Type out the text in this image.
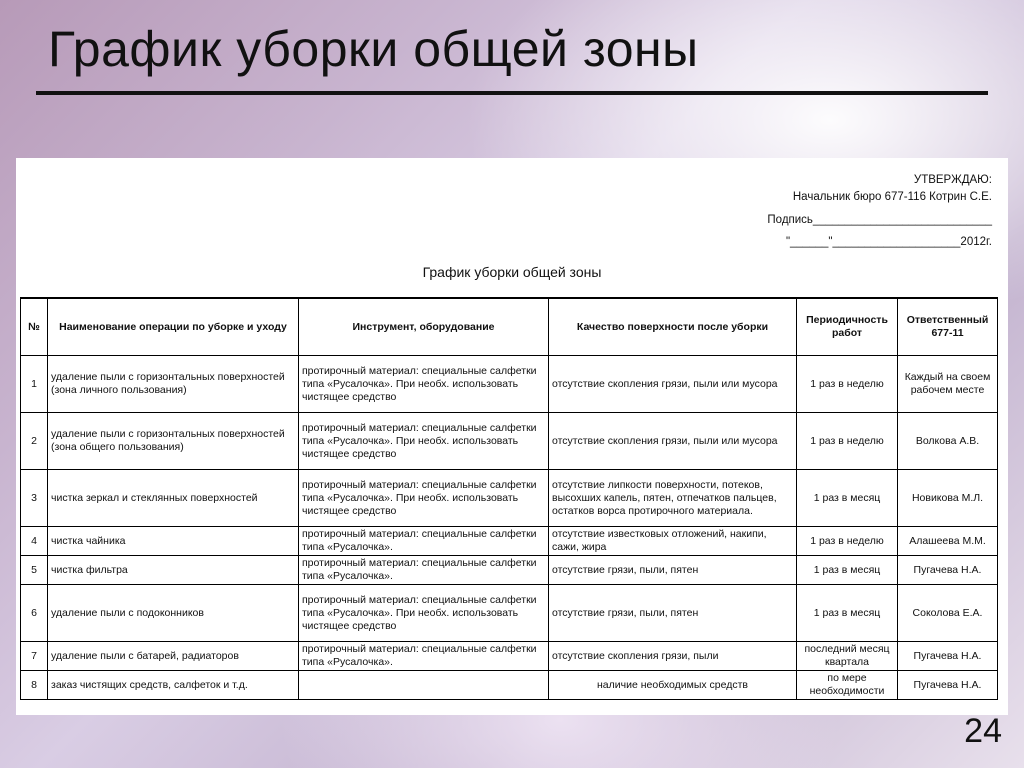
График уборки общей зоны
УТВЕРЖДАЮ:
Начальник бюро 677-116 Котрин С.Е.
Подпись____________________________
"______"____________________2012г.
График уборки общей зоны
№	Наименование операции по уборке и уходу	Инструмент, оборудование	Качество поверхности после уборки	Периодичность работ	Ответственный 677-11
1	удаление пыли с горизонтальных поверхностей (зона личного пользования)	протирочный материал: специальные салфетки типа «Русалочка». При необх. использовать чистящее средство	отсутствие скопления грязи, пыли или мусора	1 раз в неделю	Каждый на своем рабочем месте
2	удаление пыли с горизонтальных поверхностей (зона общего пользования)	протирочный материал: специальные салфетки типа «Русалочка». При необх. использовать чистящее средство	отсутствие скопления грязи, пыли или мусора	1 раз в неделю	Волкова А.В.
3	чистка зеркал и стеклянных поверхностей	протирочный материал: специальные салфетки типа «Русалочка». При необх. использовать чистящее средство	отсутствие липкости поверхности, потеков, высохших капель, пятен, отпечатков пальцев, остатков ворса протирочного материала.	1 раз в месяц	Новикова М.Л.
4	чистка чайника	протирочный материал: специальные салфетки типа «Русалочка».	отсутствие известковых отложений, накипи, сажи, жира	1 раз в неделю	Алашеева М.М.
5	чистка фильтра	протирочный материал: специальные салфетки типа «Русалочка».	отсутствие грязи, пыли, пятен	1 раз в месяц	Пугачева Н.А.
6	удаление пыли с подоконников	протирочный материал: специальные салфетки типа «Русалочка». При необх. использовать чистящее средство	отсутствие грязи, пыли, пятен	1 раз в месяц	Соколова Е.А.
7	удаление пыли с батарей, радиаторов	протирочный материал: специальные салфетки типа «Русалочка».	отсутствие скопления грязи, пыли	последний месяц квартала	Пугачева Н.А.
8	заказ чистящих средств, салфеток и т.д.		наличие необходимых средств	по мере необходимости	Пугачева Н.А.
24
